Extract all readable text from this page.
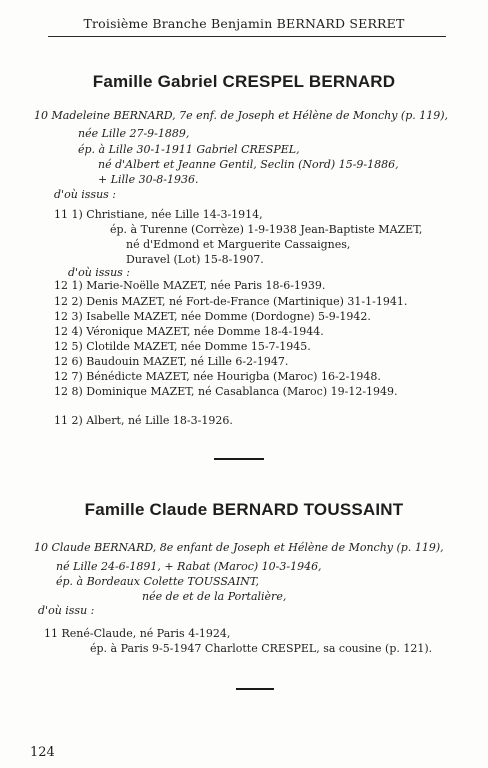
Troisième Branche Benjamin BERNARD SERRET
Famille Gabriel CRESPEL BERNARD
10 Madeleine BERNARD, 7e enf. de Joseph et Hélène de Monchy (p. 119),
née Lille 27-9-1889,
ép. à Lille 30-1-1911 Gabriel CRESPEL,
né d'Albert et Jeanne Gentil, Seclin (Nord) 15-9-1886,
+ Lille 30-8-1936.
d'où issus :
11 1) Christiane, née Lille 14-3-1914,
ép. à Turenne (Corrèze) 1-9-1938 Jean-Baptiste MAZET,
né d'Edmond et Marguerite Cassaignes,
Duravel (Lot) 15-8-1907.
d'où issus :
12 1) Marie-Noëlle MAZET, née Paris 18-6-1939.
12 2) Denis MAZET, né Fort-de-France (Martinique) 31-1-1941.
12 3) Isabelle MAZET, née Domme (Dordogne) 5-9-1942.
12 4) Véronique MAZET, née Domme 18-4-1944.
12 5) Clotilde MAZET, née Domme 15-7-1945.
12 6) Baudouin MAZET, né Lille 6-2-1947.
12 7) Bénédicte MAZET, née Hourigba (Maroc) 16-2-1948.
12 8) Dominique MAZET, né Casablanca (Maroc) 19-12-1949.
11 2) Albert, né Lille 18-3-1926.
Famille Claude BERNARD TOUSSAINT
10 Claude BERNARD, 8e enfant de Joseph et Hélène de Monchy (p. 119),
né Lille 24-6-1891, + Rabat (Maroc) 10-3-1946,
ép. à Bordeaux Colette TOUSSAINT,
née de et de la Portalière,
d'où issu :
11 René-Claude, né Paris 4-1924,
ép. à Paris 9-5-1947 Charlotte CRESPEL, sa cousine (p. 121).
124
